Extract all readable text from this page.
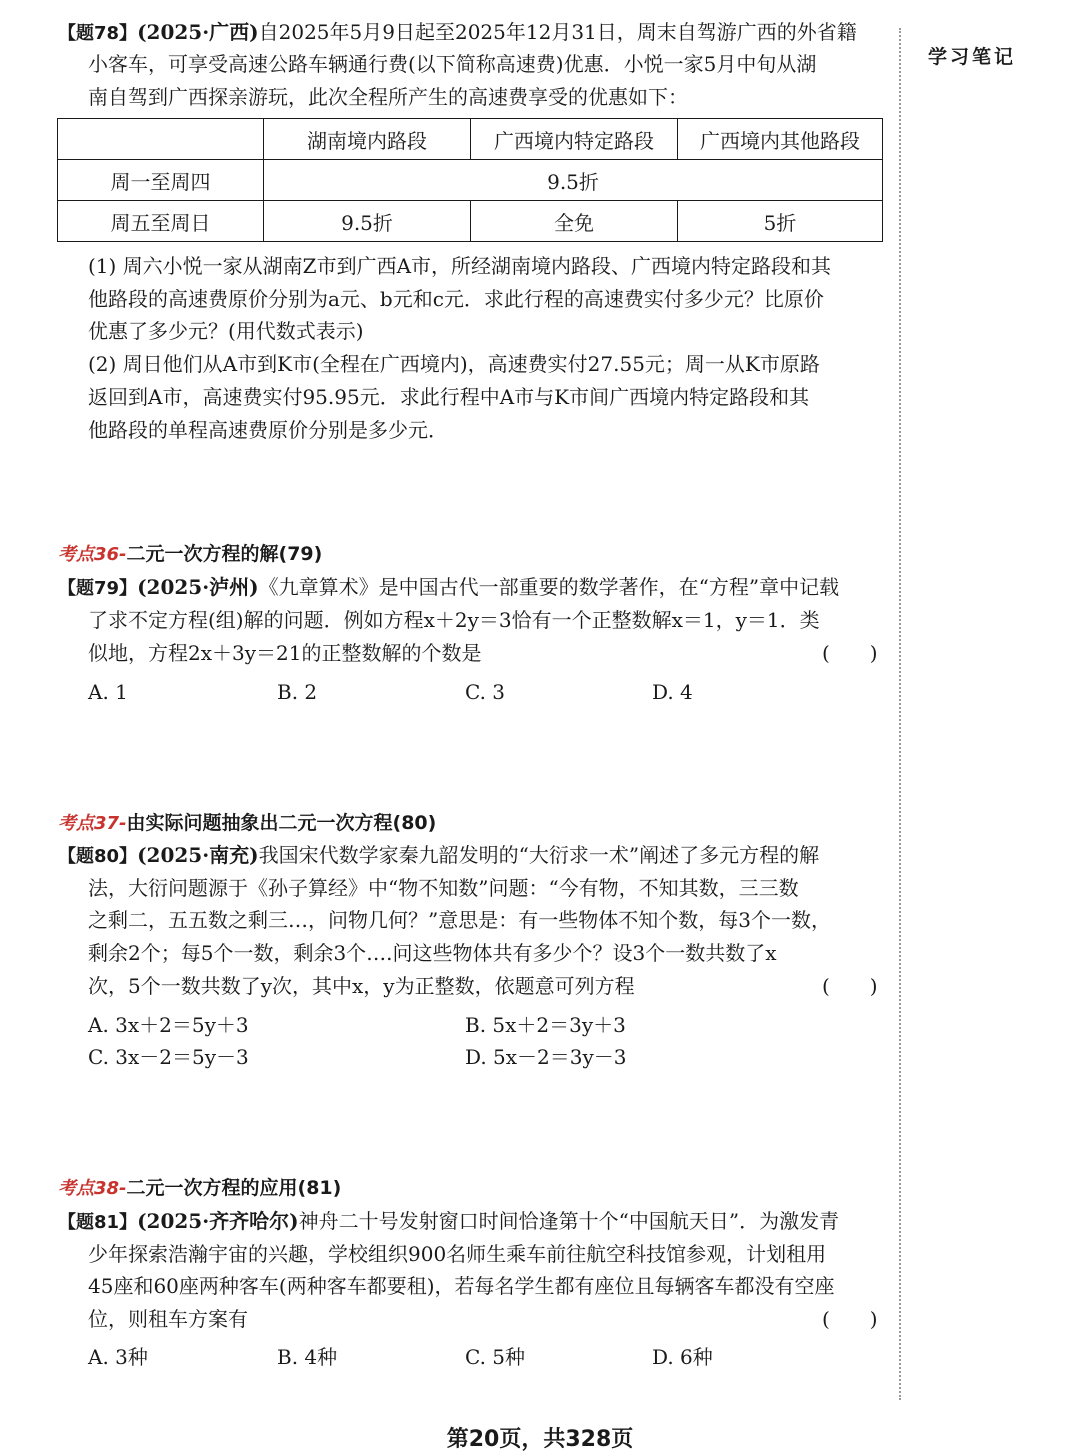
学习笔记
【题78】(2025·广西)自2025年5月9日起至2025年12月31日，周末自驾游广西的外省籍
小客车，可享受高速公路车辆通行费(以下简称高速费)优惠．小悦一家5月中旬从湖
南自驾到广西探亲游玩，此次全程所产生的高速费享受的优惠如下：
	湖南境内路段	广西境内特定路段	广西境内其他路段
周一至周四	9.5折		
周五至周日	9.5折	全免	5折
(1) 周六小悦一家从湖南Z市到广西A市，所经湖南境内路段、广西境内特定路段和其
他路段的高速费原价分别为a元、b元和c元．求此行程的高速费实付多少元？比原价
优惠了多少元？(用代数式表示)
(2) 周日他们从A市到K市(全程在广西境内)，高速费实付27.55元；周一从K市原路
返回到A市，高速费实付95.95元．求此行程中A市与K市间广西境内特定路段和其
他路段的单程高速费原价分别是多少元．
考点36-二元一次方程的解(79)
【题79】(2025·泸州)《九章算术》是中国古代一部重要的数学著作，在“方程”章中记载
了求不定方程(组)解的问题．例如方程x＋2y＝3恰有一个正整数解x＝1，y＝1．类
似地，方程2x＋3y＝21的正整数解的个数是	(　　)
A. 1	B. 2	C. 3	D. 4
考点37-由实际问题抽象出二元一次方程(80)
【题80】(2025·南充)我国宋代数学家秦九韶发明的“大衍求一术”阐述了多元方程的解
法，大衍问题源于《孙子算经》中“物不知数”问题：“今有物，不知其数，三三数
之剩二，五五数之剩三…，问物几何？”意思是：有一些物体不知个数，每3个一数，
剩余2个；每5个一数，剩余3个….问这些物体共有多少个？设3个一数共数了x
次，5个一数共数了y次，其中x，y为正整数，依题意可列方程	(　　)
A. 3x＋2＝5y＋3	B. 5x＋2＝3y＋3
C. 3x－2＝5y－3	D. 5x－2＝3y－3
考点38-二元一次方程的应用(81)
【题81】(2025·齐齐哈尔)神舟二十号发射窗口时间恰逢第十个“中国航天日”．为激发青
少年探索浩瀚宇宙的兴趣，学校组织900名师生乘车前往航空科技馆参观，计划租用
45座和60座两种客车(两种客车都要租)，若每名学生都有座位且每辆客车都没有空座
位，则租车方案有	(　　)
A. 3种	B. 4种	C. 5种	D. 6种
第20页，共328页
